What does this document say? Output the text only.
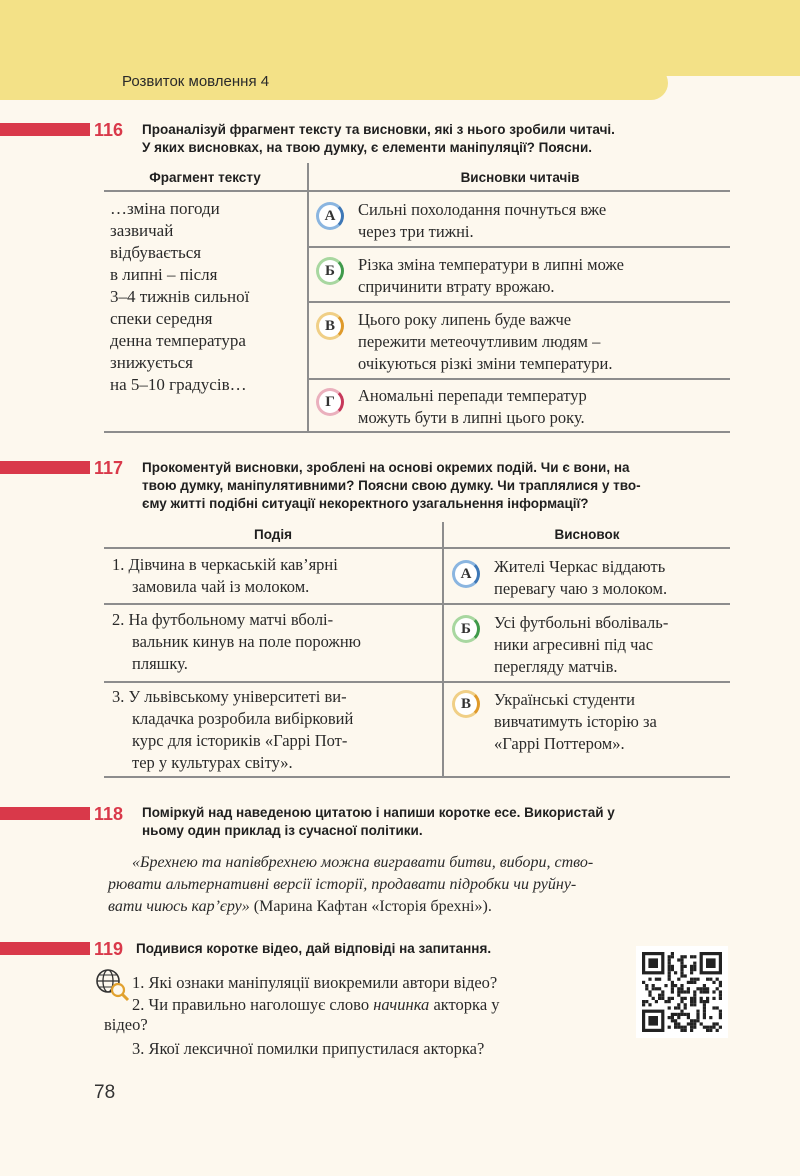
Розвиток мовлення 4
116 Проаналізуй фрагмент тексту та висновки, які з нього зробили читачі.
У яких висновках, на твою думку, є елементи маніпуляції? Поясни.
Фрагмент тексту	Висновки читачів
…зміна погоди
зазвичай
відбувається
в липні – після
3–4 тижнів сильної
спеки середня
денна температура
знижується
на 5–10 градусів…
А	Сильні похолодання почнуться вже
через три тижні.
Б	Різка зміна температури в липні може
спричинити втрату врожаю.
В	Цього року липень буде важче
пережити метеочутливим людям –
очікуються різкі зміни температури.
Г	Аномальні перепади температур
можуть бути в липні цього року.
117 Прокоментуй висновки, зроблені на основі окремих подій. Чи є вони, на
твою думку, маніпулятивними? Поясни свою думку. Чи траплялися у тво-
єму житті подібні ситуації некоректного узагальнення інформації?
Подія	Висновок
1. Дівчина в черкаській кав’ярні
замовила чай із молоком.
А	Жителі Черкас віддають
перевагу чаю з молоком.
2. На футбольному матчі вболі-
вальник кинув на поле порожню
пляшку.
Б	Усі футбольні вболіваль-
ники агресивні під час
перегляду матчів.
3. У львівському університеті ви-
кладачка розробила вибірковий
курс для істориків «Гаррі Пот-
тер у культурах світу».
В	Українські студенти
вивчатимуть історію за
«Гаррі Поттером».
118 Поміркуй над наведеною цитатою і напиши коротке есе. Використай у
ньому один приклад із сучасної політики.
«Брехнею та напівбрехнею можна вигравати битви, вибори, ство-
рювати альтернативні версії історії, продавати підробки чи руйну-
вати чиюсь кар’єру» (Марина Кафтан «Історія брехні»).
119 Подивися коротке відео, дай відповіді на запитання.
1. Які ознаки маніпуляції виокремили автори відео?
2. Чи правильно наголошує слово начинка акторка у
відео?
3. Якої лексичної помилки припустилася акторка?
78
